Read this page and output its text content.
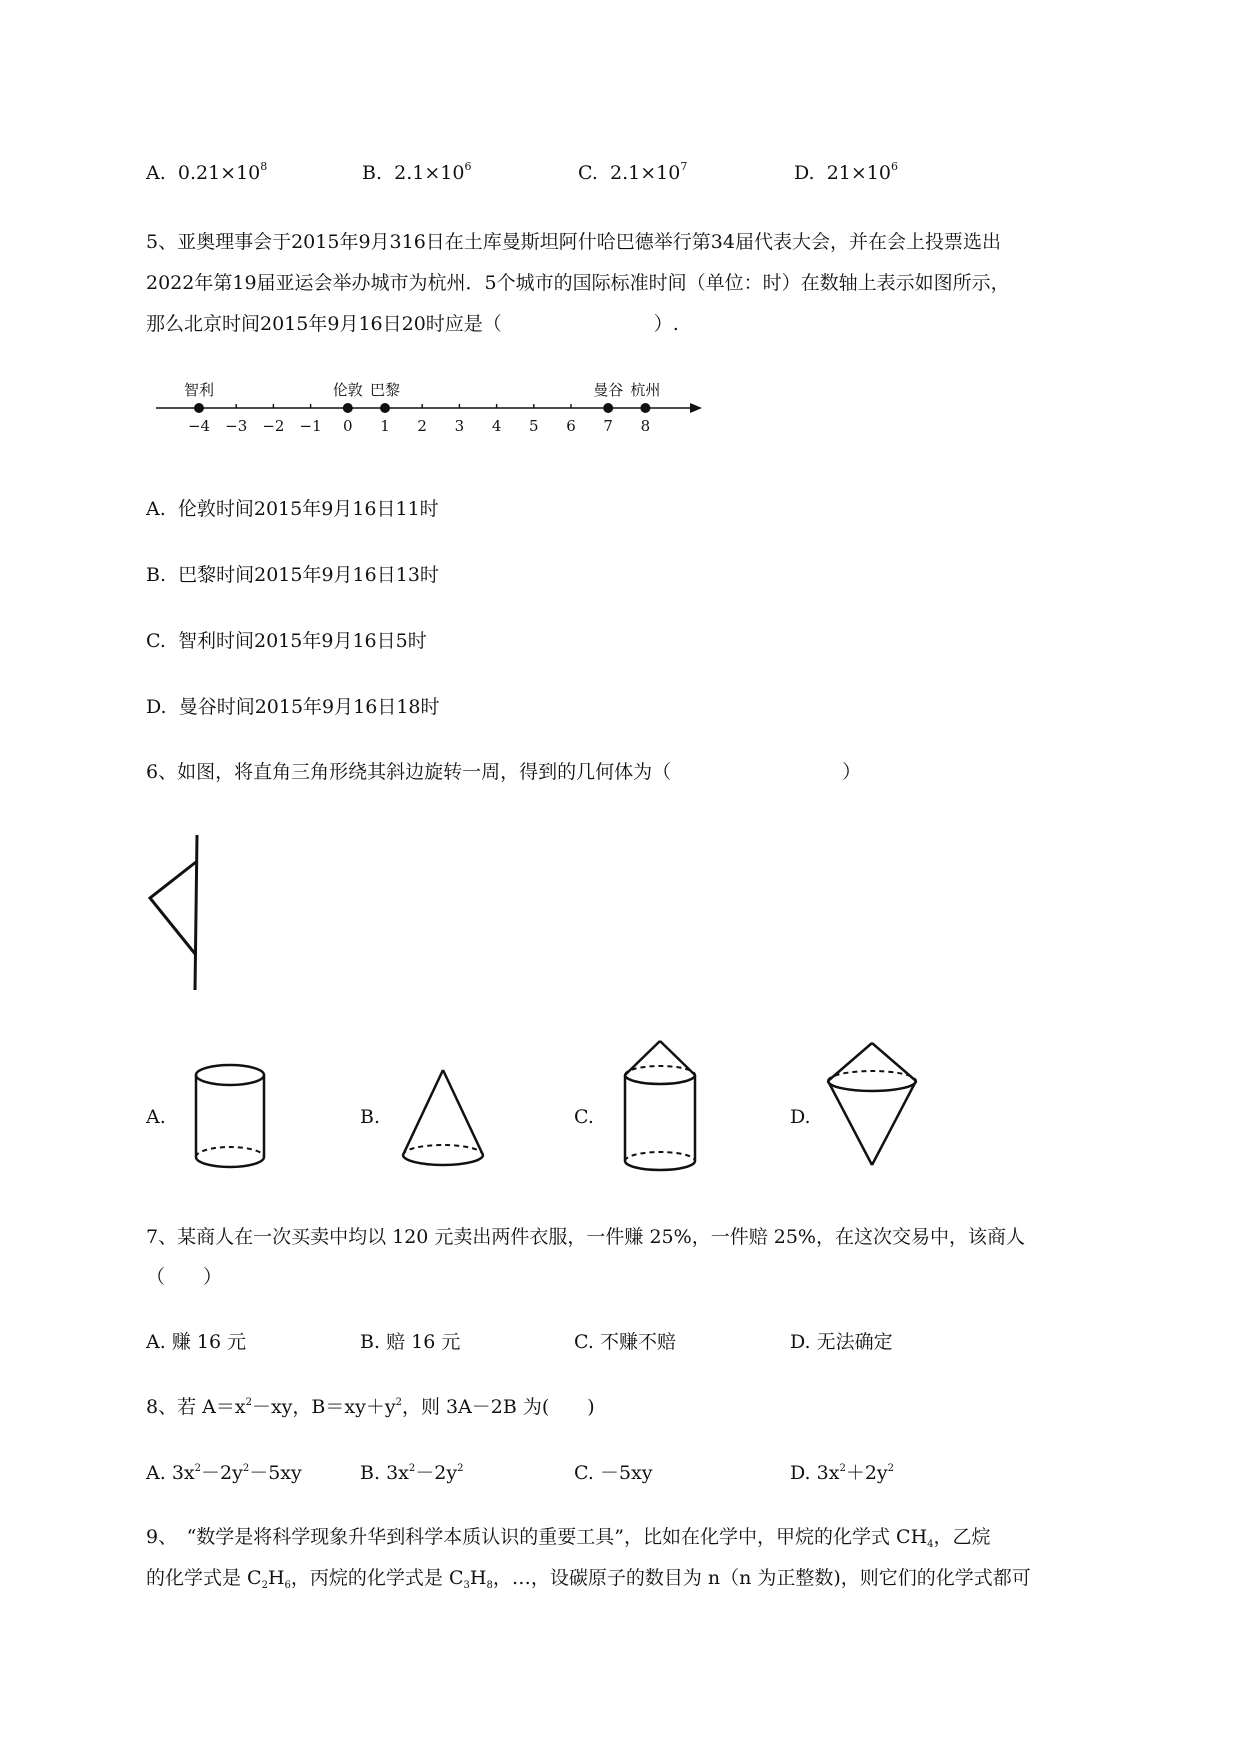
A. $0.21\times 10^8$	B. $2.1\times 10^6$	C. $2.1\times 10^7$	D. $21\times 10^6$
5、亚奥理事会于2015年9月316日在土库曼斯坦阿什哈巴德举行第34届代表大会，并在会上投票选出
2022年第19届亚运会举办城市为杭州．5个城市的国际标准时间（单位：时）在数轴上表示如图所示，
那么北京时间2015年9月16日20时应是（　　　　　　　　）.
−4 −3 −2 −1 0 1 2 3 4 5 6 7 8
智利	伦敦 巴黎	曼谷 杭州
A. 伦敦时间2015年9月16日11时
B. 巴黎时间2015年9月16日13时
C. 智利时间2015年9月16日5时
D. 曼谷时间2015年9月16日18时
6、如图，将直角三角形绕其斜边旋转一周，得到的几何体为（　　　　　　　　　）
A.	B.	C.	D.
7、某商人在一次买卖中均以 120 元卖出两件衣服，一件赚 25%，一件赔 25%，在这次交易中，该商人
（　　）
A. 赚 16 元	B. 赔 16 元	C. 不赚不赔	D. 无法确定
8、若 $A=x^2-xy$，$B=xy+y^2$，则 3A－2B 为(　　)
A. $3x^2-2y^2-5xy$	B. $3x^2-2y^2$	C. －5xy	D. $3x^2+2y^2$
9、　“数学是将科学现象升华到科学本质认识的重要工具”，比如在化学中，甲烷的化学式 $CH_4$，乙烷
的化学式是 $C_2H_6$，丙烷的化学式是 $C_3H_8$，…，设碳原子的数目为 n（n 为正整数)，则它们的化学式都可
